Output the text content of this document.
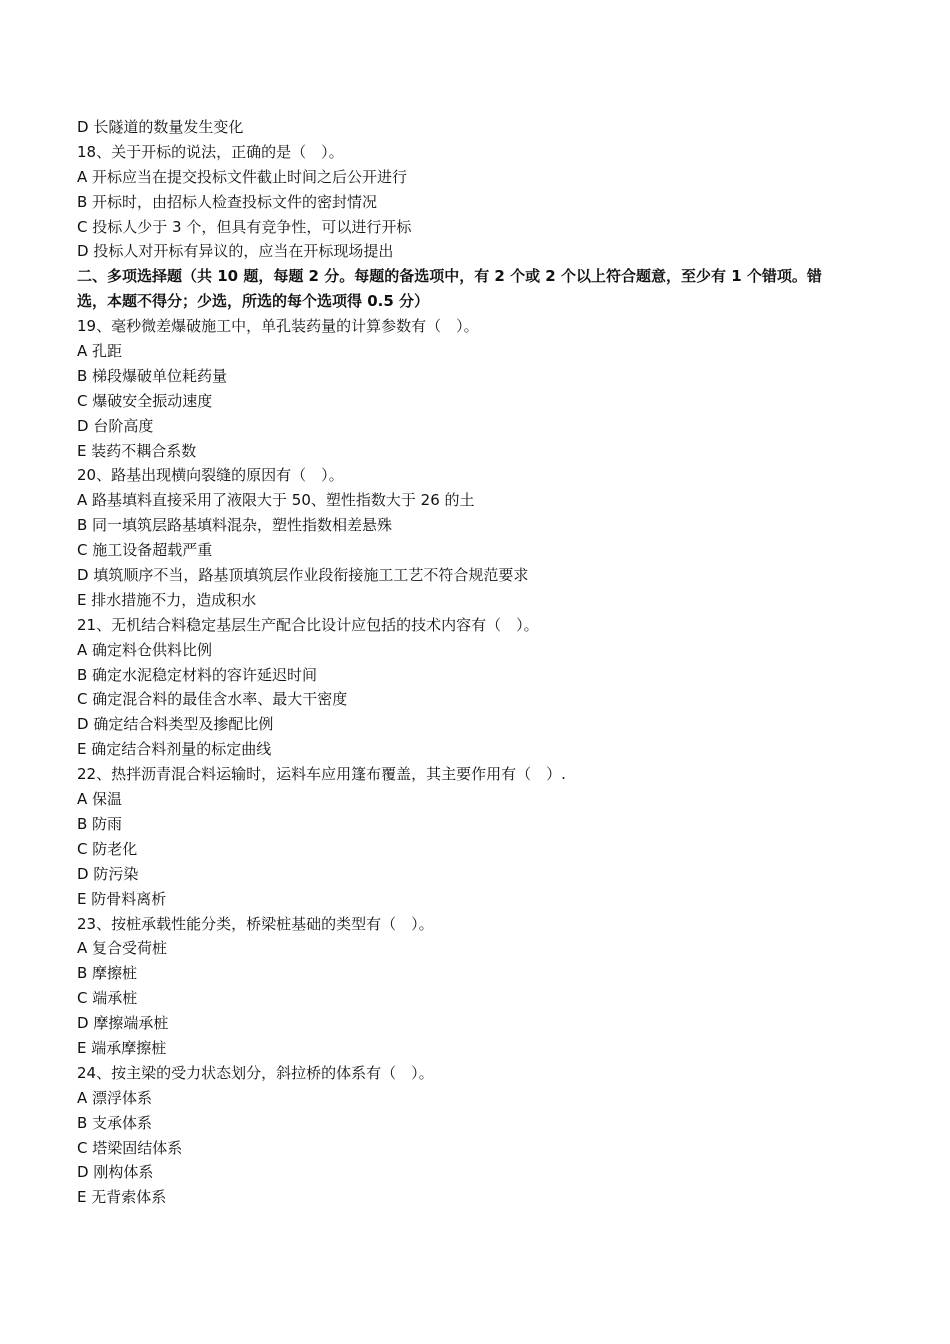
D 长隧道的数量发生变化
18、关于开标的说法，正确的是（　）。
A 开标应当在提交投标文件截止时间之后公开进行
B 开标时，由招标人检查投标文件的密封情况
C 投标人少于 3 个，但具有竞争性，可以进行开标
D 投标人对开标有异议的，应当在开标现场提出
二、多项选择题（共 10 题，每题 2 分。每题的备选项中，有 2 个或 2 个以上符合题意，至少有 1 个错项。错
选，本题不得分；少选，所选的每个选项得 0.5 分）
19、毫秒微差爆破施工中，单孔装药量的计算参数有（　）。
A 孔距
B 梯段爆破单位耗药量
C 爆破安全振动速度
D 台阶高度
E 装药不耦合系数
20、路基出现横向裂缝的原因有（　）。
A 路基填料直接采用了液限大于 50、塑性指数大于 26 的土
B 同一填筑层路基填料混杂，塑性指数相差悬殊
C 施工设备超载严重
D 填筑顺序不当，路基顶填筑层作业段衔接施工工艺不符合规范要求
E 排水措施不力，造成积水
21、无机结合料稳定基层生产配合比设计应包括的技术内容有（　）。
A 确定料仓供料比例
B 确定水泥稳定材料的容许延迟时间
C 确定混合料的最佳含水率、最大干密度
D 确定结合料类型及掺配比例
E 确定结合料剂量的标定曲线
22、热拌沥青混合料运输时，运料车应用篷布覆盖，其主要作用有（　）.
A 保温
B 防雨
C 防老化
D 防污染
E 防骨料离析
23、按桩承载性能分类，桥梁桩基础的类型有（　）。
A 复合受荷桩
B 摩擦桩
C 端承桩
D 摩擦端承桩
E 端承摩擦桩
24、按主梁的受力状态划分，斜拉桥的体系有（　）。
A 漂浮体系
B 支承体系
C 塔梁固结体系
D 刚构体系
E 无背索体系
